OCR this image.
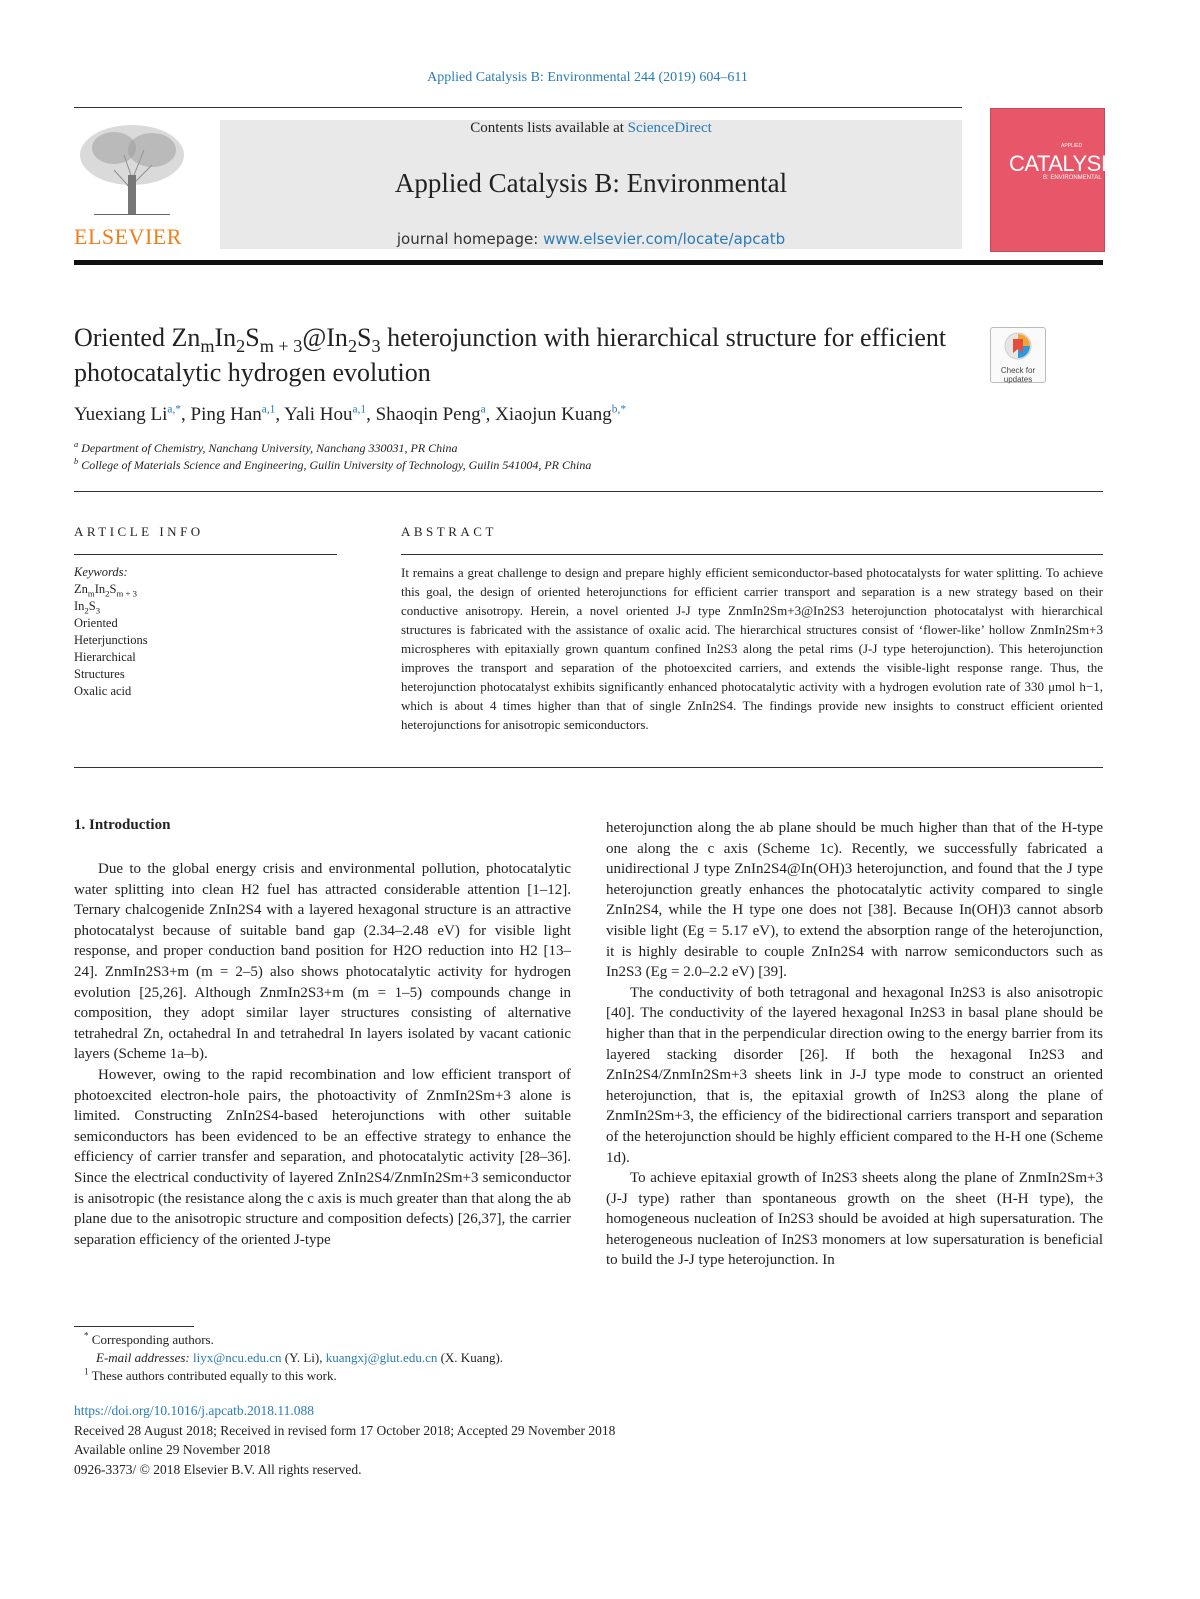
Applied Catalysis B: Environmental 244 (2019) 604–611
ELSEVIER
Contents lists available at ScienceDirect
Applied Catalysis B: Environmental
journal homepage: www.elsevier.com/locate/apcatb
APPLIED
CATALYSIS
B: ENVIRONMENTAL
Oriented $Zn_mIn_2S_{m + 3}@In_2S_3$ heterojunction with hierarchical structure for efficient photocatalytic hydrogen evolution	Check for
updates
Yuexiang $Li^{a,*}$, Ping Han$^{a,1}$, Yali Hou$^{a,1}$, Shaoqin Peng$^a$, Xiaojun Kuang$^{b,*}$
$^a$ Department of Chemistry, Nanchang University, Nanchang 330031, PR China
$^b$ College of Materials Science and Engineering, Guilin University of Technology, Guilin 541004, PR China
ARTICLE INFO	ABSTRACT
Keywords:
$Zn_mIn_2S_{m + 3}$
$In_2S_3$
Oriented
Heterjunctions
Hierarchical
Structures
Oxalic acid
It remains a great challenge to design and prepare highly efficient semiconductor-based photocatalysts for water splitting. To achieve this goal, the design of oriented heterojunctions for efficient carrier transport and separation is a new strategy based on their conductive anisotropy. Herein, a novel oriented J-J type ZnmIn2Sm+3@In2S3 heterojunction photocatalyst with hierarchical structures is fabricated with the assistance of oxalic acid. The hierarchical structures consist of ‘flower-like’ hollow ZnmIn2Sm+3 microspheres with epitaxially grown quantum confined In2S3 along the petal rims (J-J type heterojunction). This heterojunction improves the transport and separation of the photoexcited carriers, and extends the visible-light response range. Thus, the heterojunction photocatalyst exhibits significantly enhanced photocatalytic activity with a hydrogen evolution rate of 330 μmol h−1, which is about 4 times higher than that of single ZnIn2S4. The findings provide new insights to construct efficient oriented heterojunctions for anisotropic semiconductors.
1. Introduction

Due to the global energy crisis and environmental pollution, photocatalytic water splitting into clean H2 fuel has attracted considerable attention [1–12]. Ternary chalcogenide ZnIn2S4 with a layered hexagonal structure is an attractive photocatalyst because of suitable band gap (2.34–2.48 eV) for visible light response, and proper conduction band position for H2O reduction into H2 [13–24]. ZnmIn2S3+m (m = 2–5) also shows photocatalytic activity for hydrogen evolution [25,26]. Although ZnmIn2S3+m (m = 1–5) compounds change in composition, they adopt similar layer structures consisting of alternative tetrahedral Zn, octahedral In and tetrahedral In layers isolated by vacant cationic layers (Scheme 1a–b).

However, owing to the rapid recombination and low efficient transport of photoexcited electron-hole pairs, the photoactivity of ZnmIn2Sm+3 alone is limited. Constructing ZnIn2S4-based heterojunctions with other suitable semiconductors has been evidenced to be an effective strategy to enhance the efficiency of carrier transfer and separation, and photocatalytic activity [28–36]. Since the electrical conductivity of layered ZnIn2S4/ZnmIn2Sm+3 semiconductor is anisotropic (the resistance along the c axis is much greater than that along the ab plane due to the anisotropic structure and composition defects) [26,37], the carrier separation efficiency of the oriented J-type

heterojunction along the ab plane should be much higher than that of the H-type one along the c axis (Scheme 1c). Recently, we successfully fabricated a unidirectional J type ZnIn2S4@In(OH)3 heterojunction, and found that the J type heterojunction greatly enhances the photocatalytic activity compared to single ZnIn2S4, while the H type one does not [38]. Because In(OH)3 cannot absorb visible light (Eg = 5.17 eV), to extend the absorption range of the heterojunction, it is highly desirable to couple ZnIn2S4 with narrow semiconductors such as In2S3 (Eg = 2.0–2.2 eV) [39].

The conductivity of both tetragonal and hexagonal In2S3 is also anisotropic [40]. The conductivity of the layered hexagonal In2S3 in basal plane should be higher than that in the perpendicular direction owing to the energy barrier from its layered stacking disorder [26]. If both the hexagonal In2S3 and ZnIn2S4/ZnmIn2Sm+3 sheets link in J-J type mode to construct an oriented heterojunction, that is, the epitaxial growth of In2S3 along the plane of ZnmIn2Sm+3, the efficiency of the bidirectional carriers transport and separation of the heterojunction should be highly efficient compared to the H-H one (Scheme 1d).

To achieve epitaxial growth of In2S3 sheets along the plane of ZnmIn2Sm+3 (J-J type) rather than spontaneous growth on the sheet (H-H type), the homogeneous nucleation of In2S3 should be avoided at high supersaturation. The heterogeneous nucleation of In2S3 monomers at low supersaturation is beneficial to build the J-J type heterojunction. In

* Corresponding authors.
E-mail addresses: liyx@ncu.edu.cn (Y. Li), kuangxj@glut.edu.cn (X. Kuang).
$^1$ These authors contributed equally to this work.
https://doi.org/10.1016/j.apcatb.2018.11.088
Received 28 August 2018; Received in revised form 17 October 2018; Accepted 29 November 2018
Available online 29 November 2018
0926-3373/ © 2018 Elsevier B.V. All rights reserved.
